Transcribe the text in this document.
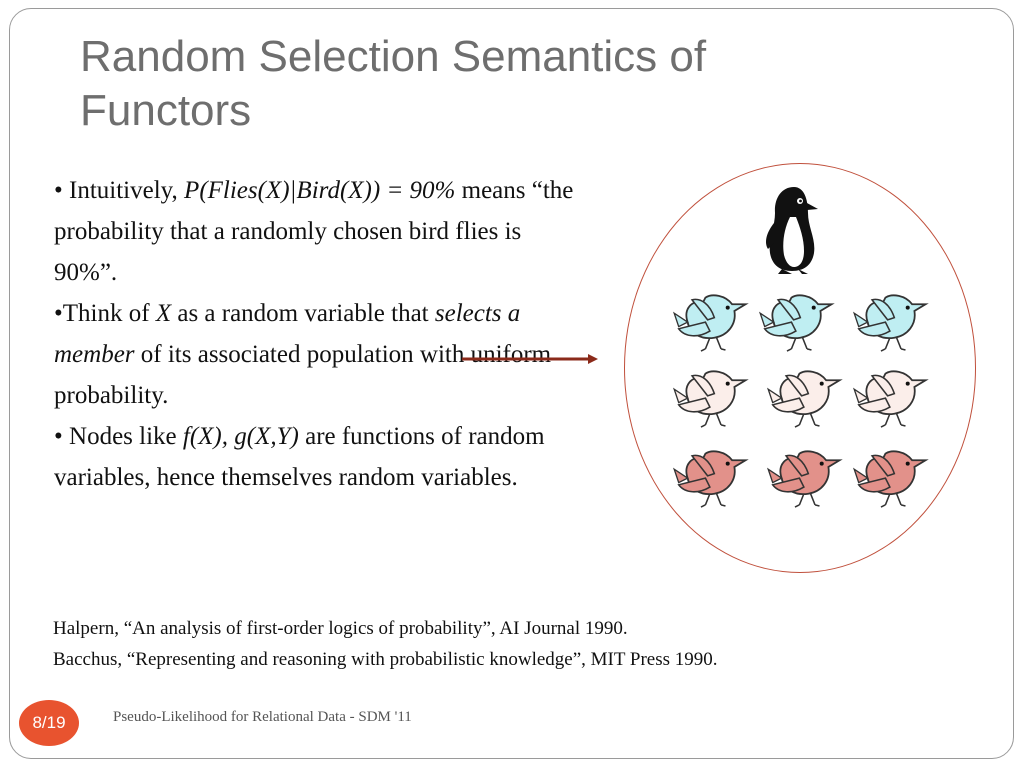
Random Selection Semantics of Functors

• Intuitively, P(Flies(X)|Bird(X)) = 90% means “the probability that a randomly chosen bird flies is 90%”.

•Think of X as a random variable that selects a member of its associated population with uniform probability.

• Nodes like f(X), g(X,Y) are functions of random variables, hence themselves random variables.

Halpern, “An analysis of first-order logics of probability”, AI Journal 1990.
Bacchus, “Representing and reasoning with probabilistic knowledge”, MIT Press 1990.
8/19	Pseudo-Likelihood for Relational Data - SDM '11
